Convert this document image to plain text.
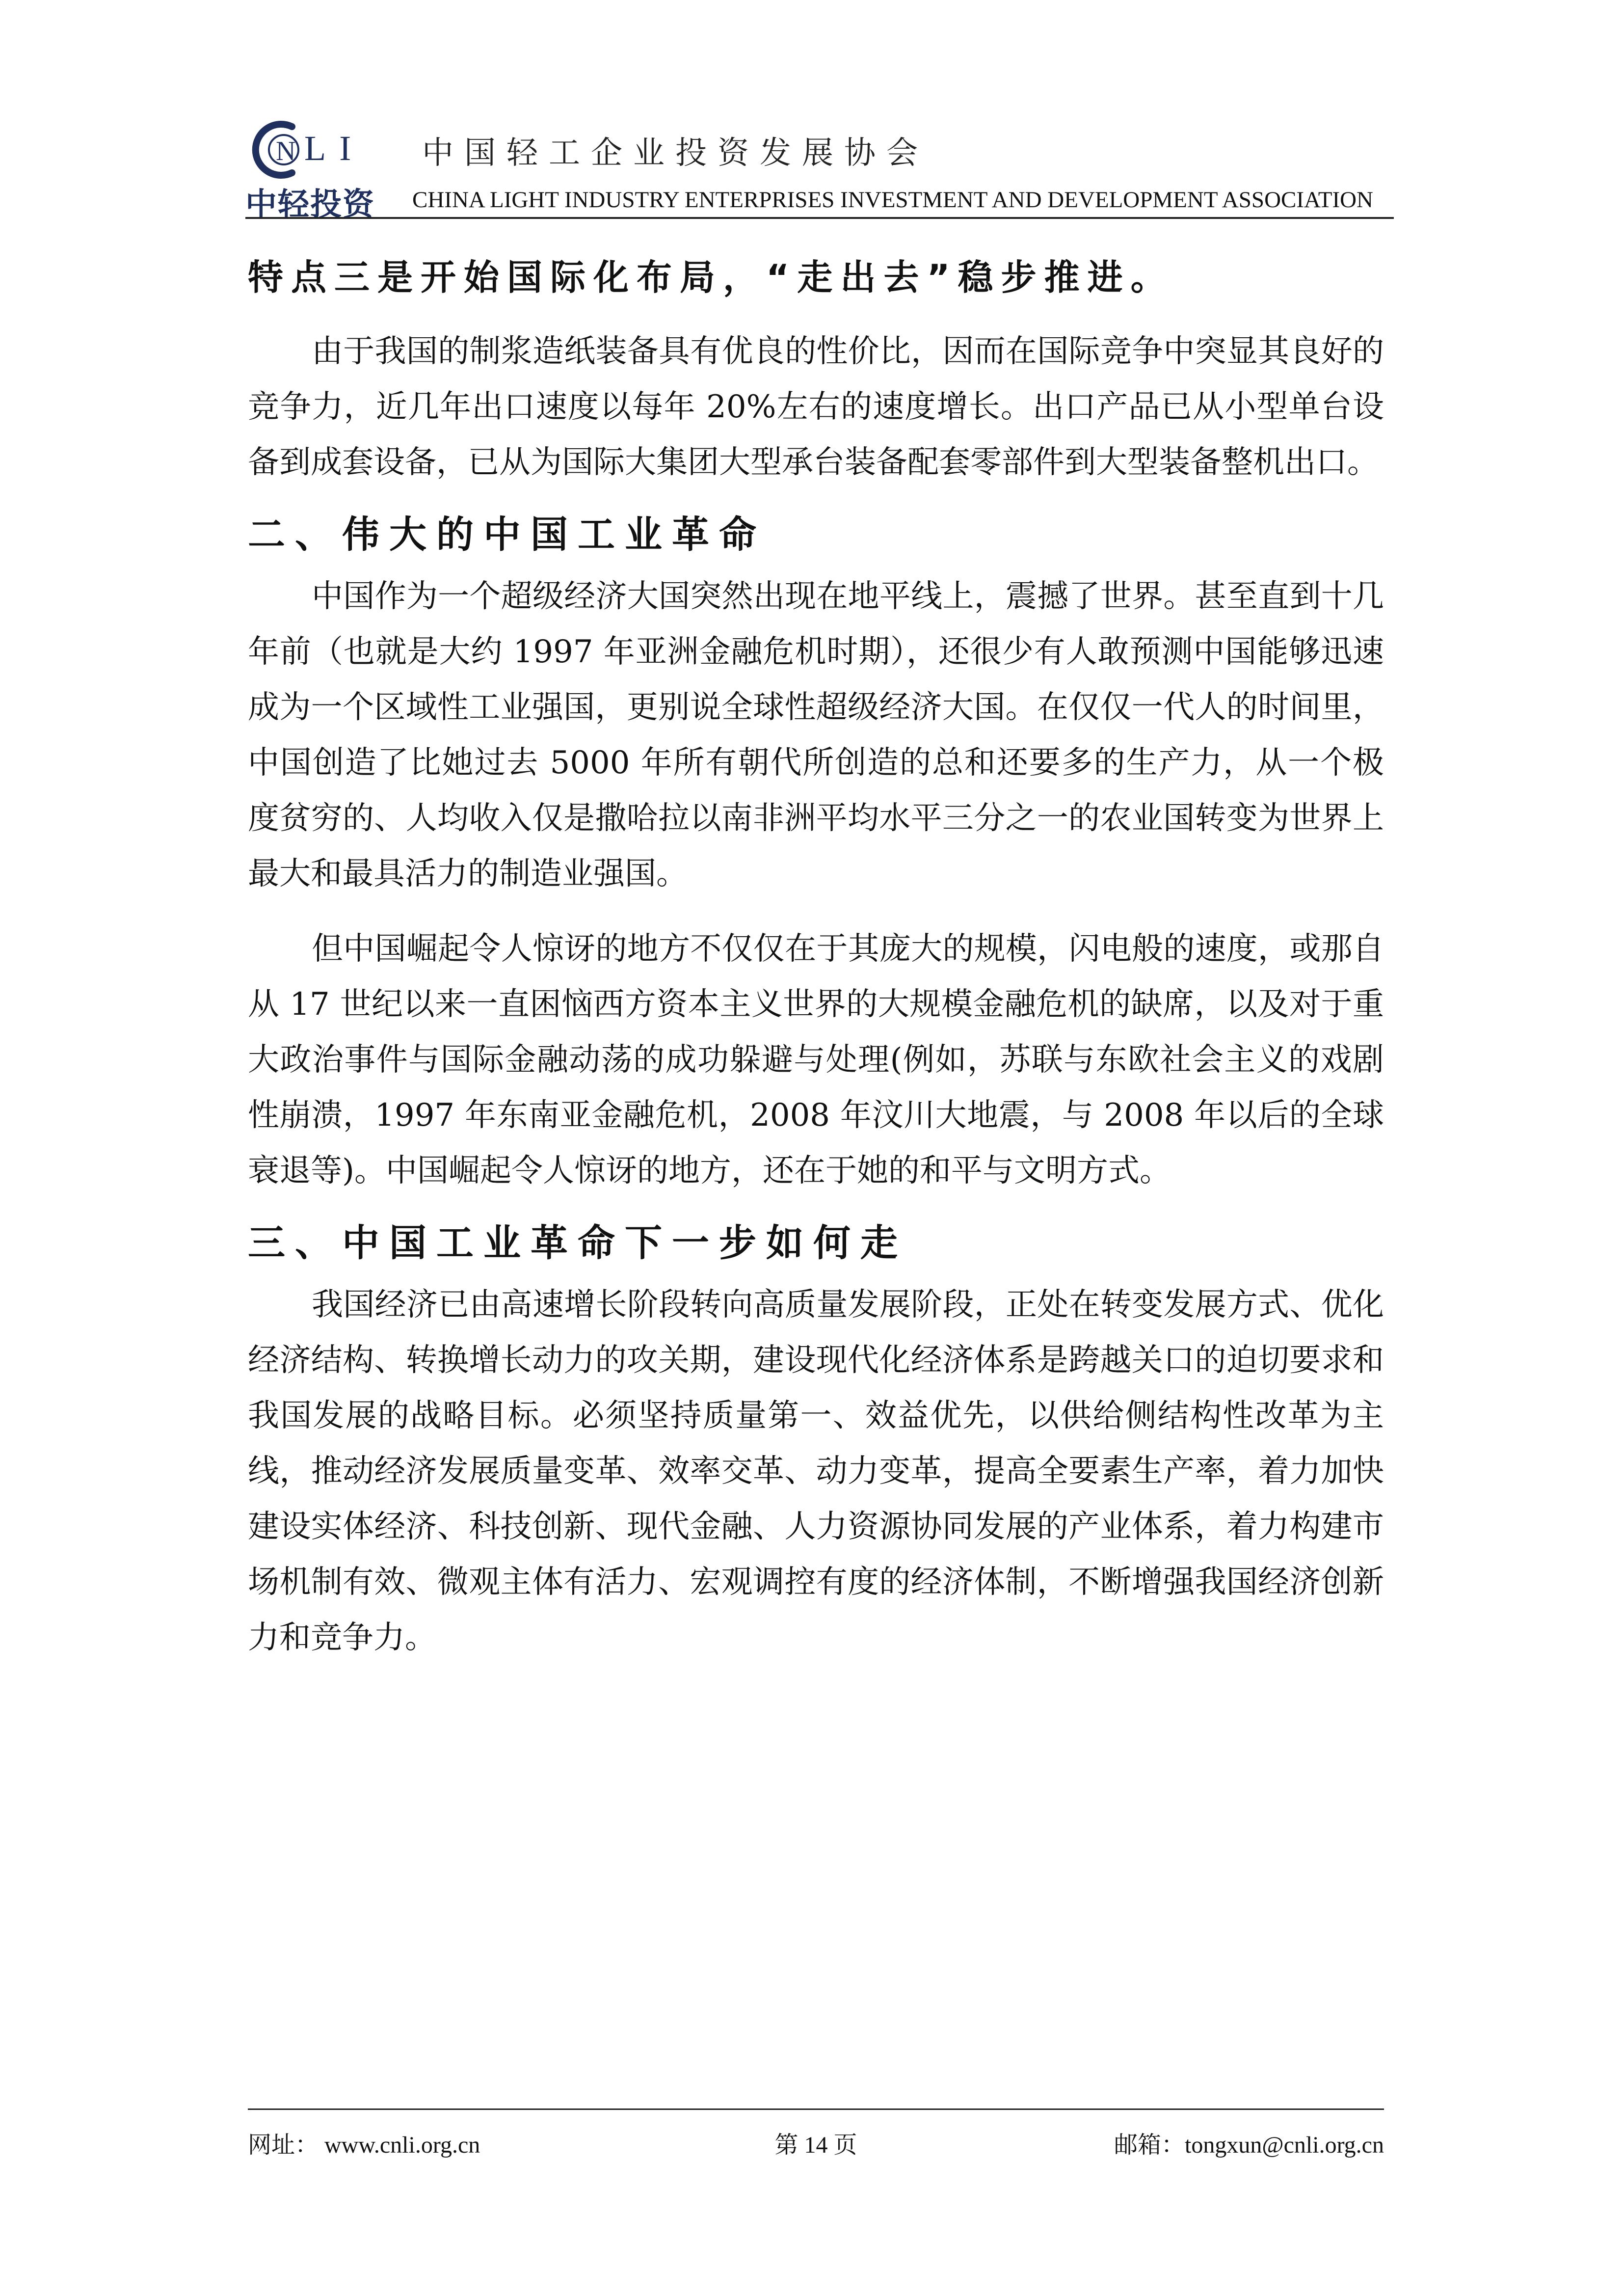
N L I
中轻投资
中国轻工企业投资发展协会
CHINA LIGHT INDUSTRY ENTERPRISES INVESTMENT AND DEVELOPMENT ASSOCIATION
特点三是开始国际化布局，“走出去”稳步推进。

由于我国的制浆造纸装备具有优良的性价比，因而在国际竞争中突显其良好的竞争力，近几年出口速度以每年 20%左右的速度增长。出口产品已从小型单台设备到成套设备，已从为国际大集团大型承台装备配套零部件到大型装备整机出口。

二、伟大的中国工业革命

中国作为一个超级经济大国突然出现在地平线上，震撼了世界。甚至直到十几年前（也就是大约 1997 年亚洲金融危机时期），还很少有人敢预测中国能够迅速成为一个区域性工业强国，更别说全球性超级经济大国。在仅仅一代人的时间里，中国创造了比她过去 5000 年所有朝代所创造的总和还要多的生产力，从一个极度贫穷的、人均收入仅是撒哈拉以南非洲平均水平三分之一的农业国转变为世界上最大和最具活力的制造业强国。

但中国崛起令人惊讶的地方不仅仅在于其庞大的规模，闪电般的速度，或那自从 17 世纪以来一直困恼西方资本主义世界的大规模金融危机的缺席，以及对于重大政治事件与国际金融动荡的成功躲避与处理(例如，苏联与东欧社会主义的戏剧性崩溃，1997 年东南亚金融危机，2008 年汶川大地震，与 2008 年以后的全球衰退等)。中国崛起令人惊讶的地方，还在于她的和平与文明方式。

三、中国工业革命下一步如何走

我国经济已由高速增长阶段转向高质量发展阶段，正处在转变发展方式、优化经济结构、转换增长动力的攻关期，建设现代化经济体系是跨越关口的迫切要求和我国发展的战略目标。必须坚持质量第一、效益优先，以供给侧结构性改革为主线，推动经济发展质量变革、效率交革、动力变革，提高全要素生产率，着力加快建设实体经济、科技创新、现代金融、人力资源协同发展的产业体系，着力构建市场机制有效、微观主体有活力、宏观调控有度的经济体制，不断增强我国经济创新力和竞争力。

网址： www.cnli.org.cn	第 14 页	邮箱：tongxun@cnli.org.cn
